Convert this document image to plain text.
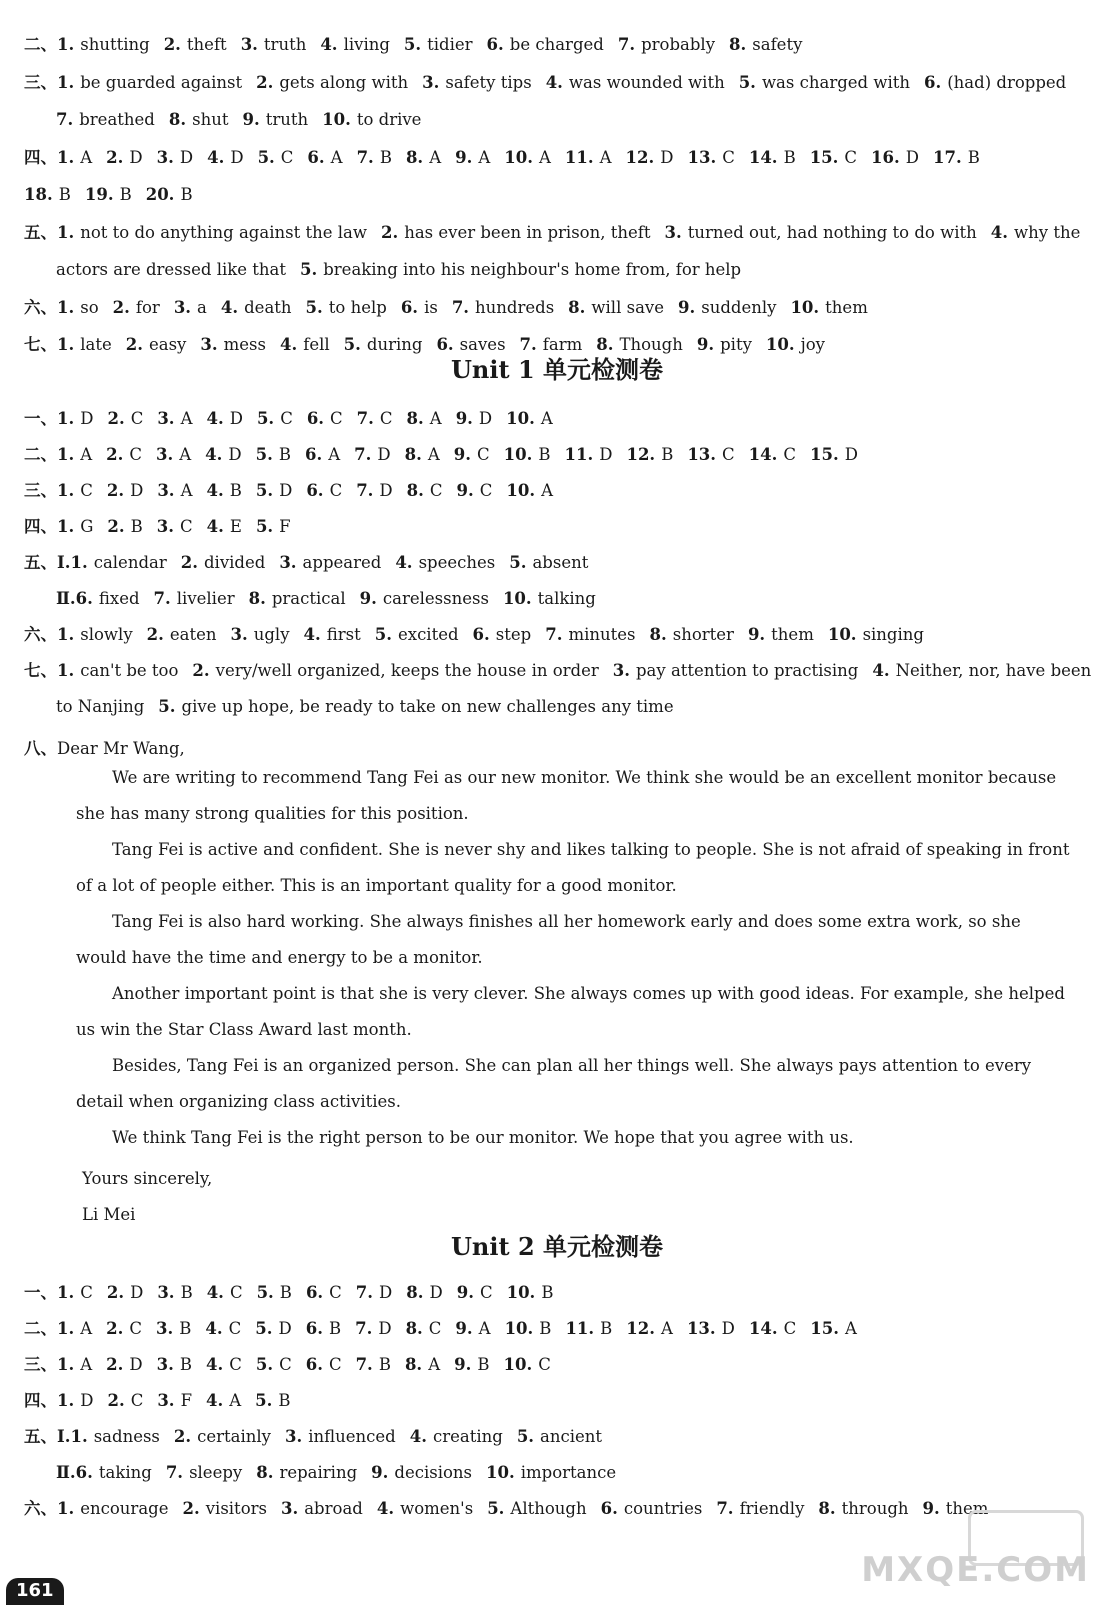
二、1. shutting 2. theft 3. truth 4. living 5. tidier 6. be charged 7. probably 8. safety
三、1. be guarded against 2. gets along with 3. safety tips 4. was wounded with 5. was charged with 6. (had) dropped
7. breathed 8. shut 9. truth 10. to drive
四、1. A 2. D 3. D 4. D 5. C 6. A 7. B 8. A 9. A 10. A 11. A 12. D 13. C 14. B 15. C 16. D 17. B
18. B 19. B 20. B
五、1. not to do anything against the law 2. has ever been in prison, theft 3. turned out, had nothing to do with 4. why the
actors are dressed like that 5. breaking into his neighbour's home from, for help
六、1. so 2. for 3. a 4. death 5. to help 6. is 7. hundreds 8. will save 9. suddenly 10. them
七、1. late 2. easy 3. mess 4. fell 5. during 6. saves 7. farm 8. Though 9. pity 10. joy
Unit 1 单元检测卷
一、1. D 2. C 3. A 4. D 5. C 6. C 7. C 8. A 9. D 10. A
二、1. A 2. C 3. A 4. D 5. B 6. A 7. D 8. A 9. C 10. B 11. D 12. B 13. C 14. C 15. D
三、1. C 2. D 3. A 4. B 5. D 6. C 7. D 8. C 9. C 10. A
四、1. G 2. B 3. C 4. E 5. F
五、Ⅰ.1. calendar 2. divided 3. appeared 4. speeches 5. absent
Ⅱ.6. fixed 7. livelier 8. practical 9. carelessness 10. talking
六、1. slowly 2. eaten 3. ugly 4. first 5. excited 6. step 7. minutes 8. shorter 9. them 10. singing
七、1. can't be too 2. very/well organized, keeps the house in order 3. pay attention to practising 4. Neither, nor, have been
to Nanjing 5. give up hope, be ready to take on new challenges any time
八、Dear Mr Wang,
We are writing to recommend Tang Fei as our new monitor. We think she would be an excellent monitor because she has many strong qualities for this position.
Tang Fei is active and confident. She is never shy and likes talking to people. She is not afraid of speaking in front of a lot of people either. This is an important quality for a good monitor.
Tang Fei is also hard working. She always finishes all her homework early and does some extra work, so she would have the time and energy to be a monitor.
Another important point is that she is very clever. She always comes up with good ideas. For example, she helped us win the Star Class Award last month.
Besides, Tang Fei is an organized person. She can plan all her things well. She always pays attention to every detail when organizing class activities.
We think Tang Fei is the right person to be our monitor. We hope that you agree with us.
Yours sincerely,
Li Mei
Unit 2 单元检测卷
一、1. C 2. D 3. B 4. C 5. B 6. C 7. D 8. D 9. C 10. B
二、1. A 2. C 3. B 4. C 5. D 6. B 7. D 8. C 9. A 10. B 11. B 12. A 13. D 14. C 15. A
三、1. A 2. D 3. B 4. C 5. C 6. C 7. B 8. A 9. B 10. C
四、1. D 2. C 3. F 4. A 5. B
五、Ⅰ.1. sadness 2. certainly 3. influenced 4. creating 5. ancient
Ⅱ.6. taking 7. sleepy 8. repairing 9. decisions 10. importance
六、1. encourage 2. visitors 3. abroad 4. women's 5. Although 6. countries 7. friendly 8. through 9. them
161
MXQE.COM
